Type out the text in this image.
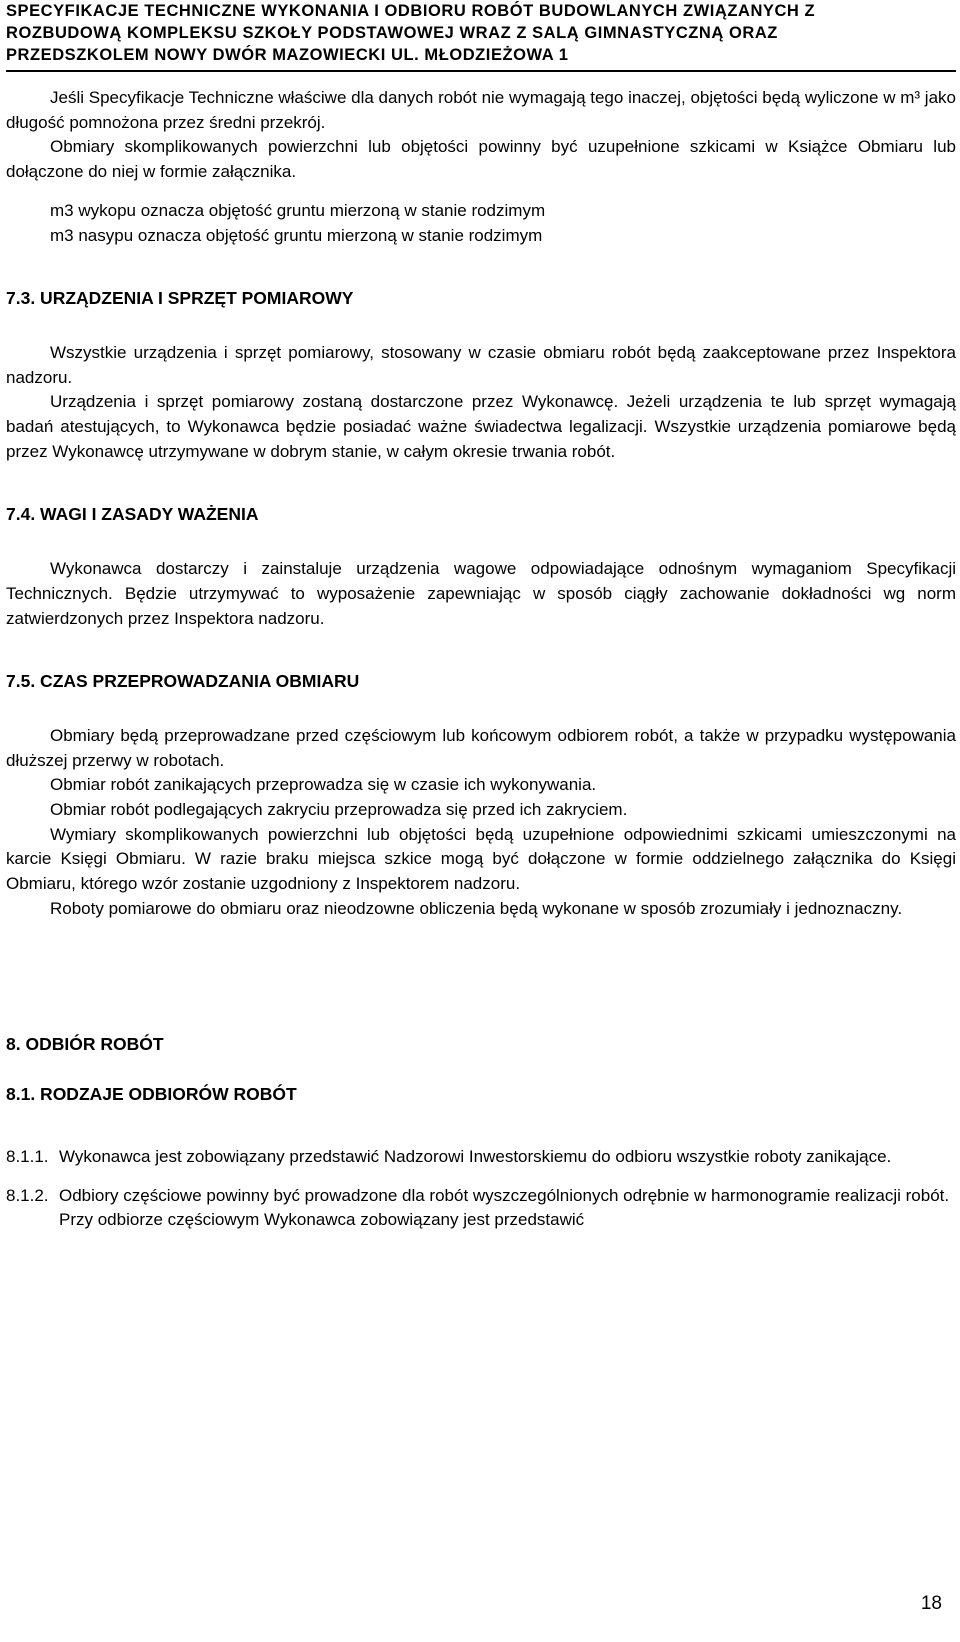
SPECYFIKACJE TECHNICZNE WYKONANIA I ODBIORU ROBÓT BUDOWLANYCH ZWIĄZANYCH Z
ROZBUDOWĄ KOMPLEKSU SZKOŁY PODSTAWOWEJ WRAZ Z SALĄ GIMNASTYCZNĄ ORAZ
PRZEDSZKOLEM NOWY DWÓR MAZOWIECKI UL. MŁODZIEŻOWA 1

Jeśli Specyfikacje Techniczne właściwe dla danych robót nie wymagają tego inaczej, objętości będą wyliczone w m³ jako długość pomnożona przez średni przekrój.

Obmiary skomplikowanych powierzchni lub objętości powinny być uzupełnione szkicami w Książce Obmiaru lub dołączone do niej w formie załącznika.

m3 wykopu oznacza objętość gruntu mierzoną w stanie rodzimym

m3 nasypu oznacza objętość gruntu mierzoną w stanie rodzimym

7.3. URZĄDZENIA I SPRZĘT POMIAROWY

Wszystkie urządzenia i sprzęt pomiarowy, stosowany w czasie obmiaru robót będą zaakceptowane przez Inspektora nadzoru.

Urządzenia i sprzęt pomiarowy zostaną dostarczone przez Wykonawcę. Jeżeli urządzenia te lub sprzęt wymagają badań atestujących, to Wykonawca będzie posiadać ważne świadectwa legalizacji. Wszystkie urządzenia pomiarowe będą przez Wykonawcę utrzymywane w dobrym stanie, w całym okresie trwania robót.

7.4. WAGI I ZASADY WAŻENIA

Wykonawca dostarczy i zainstaluje urządzenia wagowe odpowiadające odnośnym wymaganiom Specyfikacji Technicznych. Będzie utrzymywać to wyposażenie zapewniając w sposób ciągły zachowanie dokładności wg norm zatwierdzonych przez Inspektora nadzoru.

7.5. CZAS PRZEPROWADZANIA OBMIARU

Obmiary będą przeprowadzane przed częściowym lub końcowym odbiorem robót, a także w przypadku występowania dłuższej przerwy w robotach.

Obmiar robót zanikających przeprowadza się w czasie ich wykonywania.

Obmiar robót podlegających zakryciu przeprowadza się przed ich zakryciem.

Wymiary skomplikowanych powierzchni lub objętości będą uzupełnione odpowiednimi szkicami umieszczonymi na karcie Księgi Obmiaru. W razie braku miejsca szkice mogą być dołączone w formie oddzielnego załącznika do Księgi Obmiaru, którego wzór zostanie uzgodniony z Inspektorem nadzoru.

Roboty pomiarowe do obmiaru oraz nieodzowne obliczenia będą wykonane w sposób zrozumiały i jednoznaczny.

8. ODBIÓR ROBÓT
8.1. RODZAJE ODBIORÓW ROBÓT
8.1.1. Wykonawca jest zobowiązany przedstawić Nadzorowi Inwestorskiemu do odbioru wszystkie roboty zanikające.
8.1.2. Odbiory częściowe powinny być prowadzone dla robót wyszczególnionych odrębnie w harmonogramie realizacji robót. Przy odbiorze częściowym Wykonawca zobowiązany jest przedstawić
18
